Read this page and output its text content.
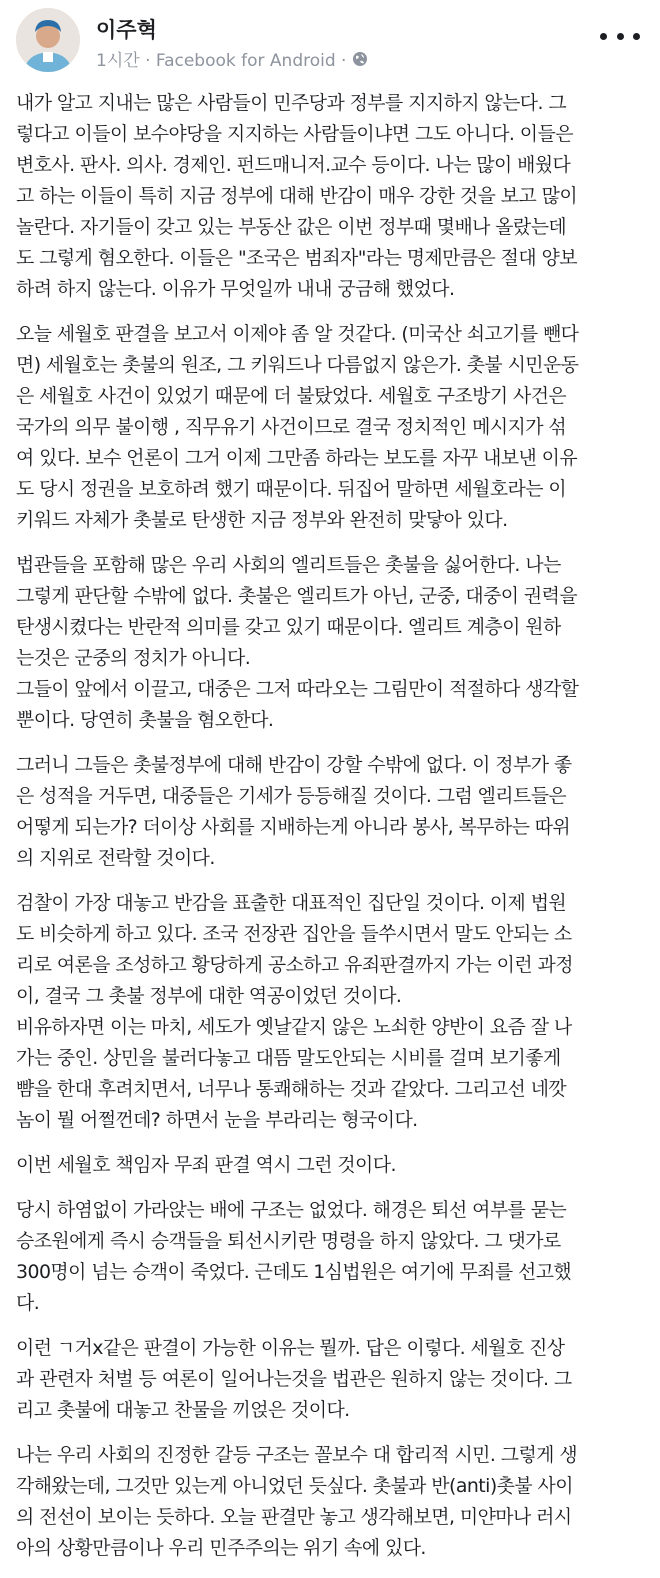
이주혁
1시간 · Facebook for Android ·

내가 알고 지내는 많은 사람들이 민주당과 정부를 지지하지 않는다. 그
렇다고 이들이 보수야당을 지지하는 사람들이냐면 그도 아니다. 이들은
변호사. 판사. 의사. 경제인. 펀드매니저.교수 등이다. 나는 많이 배웠다
고 하는 이들이 특히 지금 정부에 대해 반감이 매우 강한 것을 보고 많이
놀란다. 자기들이 갖고 있는 부동산 값은 이번 정부때 몇배나 올랐는데
도 그렇게 혐오한다. 이들은 "조국은 범죄자"라는 명제만큼은 절대 양보
하려 하지 않는다. 이유가 무엇일까 내내 궁금해 했었다.

오늘 세월호 판결을 보고서 이제야 좀 알 것같다. (미국산 쇠고기를 뺀다
면) 세월호는 촛불의 원조, 그 키워드나 다름없지 않은가. 촛불 시민운동
은 세월호 사건이 있었기 때문에 더 불탔었다. 세월호 구조방기 사건은
국가의 의무 불이행 , 직무유기 사건이므로 결국 정치적인 메시지가 섞
여 있다. 보수 언론이 그거 이제 그만좀 하라는 보도를 자꾸 내보낸 이유
도 당시 정권을 보호하려 했기 때문이다. 뒤집어 말하면 세월호라는 이
키워드 자체가 촛불로 탄생한 지금 정부와 완전히 맞닿아 있다.

법관들을 포함해 많은 우리 사회의 엘리트들은 촛불을 싫어한다. 나는
그렇게 판단할 수밖에 없다. 촛불은 엘리트가 아닌, 군중, 대중이 권력을
탄생시켰다는 반란적 의미를 갖고 있기 때문이다. 엘리트 계층이 원하
는것은 군중의 정치가 아니다.
그들이 앞에서 이끌고, 대중은 그저 따라오는 그림만이 적절하다 생각할
뿐이다. 당연히 촛불을 혐오한다.

그러니 그들은 촛불정부에 대해 반감이 강할 수밖에 없다. 이 정부가 좋
은 성적을 거두면, 대중들은 기세가 등등해질 것이다. 그럼 엘리트들은
어떻게 되는가? 더이상 사회를 지배하는게 아니라 봉사, 복무하는 따위
의 지위로 전락할 것이다.

검찰이 가장 대놓고 반감을 표출한 대표적인 집단일 것이다. 이제 법원
도 비슷하게 하고 있다. 조국 전장관 집안을 들쑤시면서 말도 안되는 소
리로 여론을 조성하고 황당하게 공소하고 유죄판결까지 가는 이런 과정
이, 결국 그 촛불 정부에 대한 역공이었던 것이다.
비유하자면 이는 마치, 세도가 옛날같지 않은 노쇠한 양반이 요즘 잘 나
가는 중인. 상민을 불러다놓고 대뜸 말도안되는 시비를 걸며 보기좋게
뺨을 한대 후려치면서, 너무나 통쾌해하는 것과 같았다. 그리고선 네깟
놈이 뭘 어쩔껀데? 하면서 눈을 부라리는 형국이다.

이번 세월호 책임자 무죄 판결 역시 그런 것이다.

당시 하염없이 가라앉는 배에 구조는 없었다. 해경은 퇴선 여부를 묻는
승조원에게 즉시 승객들을 퇴선시키란 명령을 하지 않았다. 그 댓가로
300명이 넘는 승객이 죽었다. 근데도 1심법원은 여기에 무죄를 선고했
다.

이런 ㄱ거x같은 판결이 가능한 이유는 뭘까. 답은 이렇다. 세월호 진상
과 관련자 처벌 등 여론이 일어나는것을 법관은 원하지 않는 것이다. 그
리고 촛불에 대놓고 찬물을 끼얹은 것이다.

나는 우리 사회의 진정한 갈등 구조는 꼴보수 대 합리적 시민. 그렇게 생
각해왔는데, 그것만 있는게 아니었던 듯싶다. 촛불과 반(anti)촛불 사이
의 전선이 보이는 듯하다. 오늘 판결만 놓고 생각해보면, 미얀마나 러시
아의 상황만큼이나 우리 민주주의는 위기 속에 있다.
